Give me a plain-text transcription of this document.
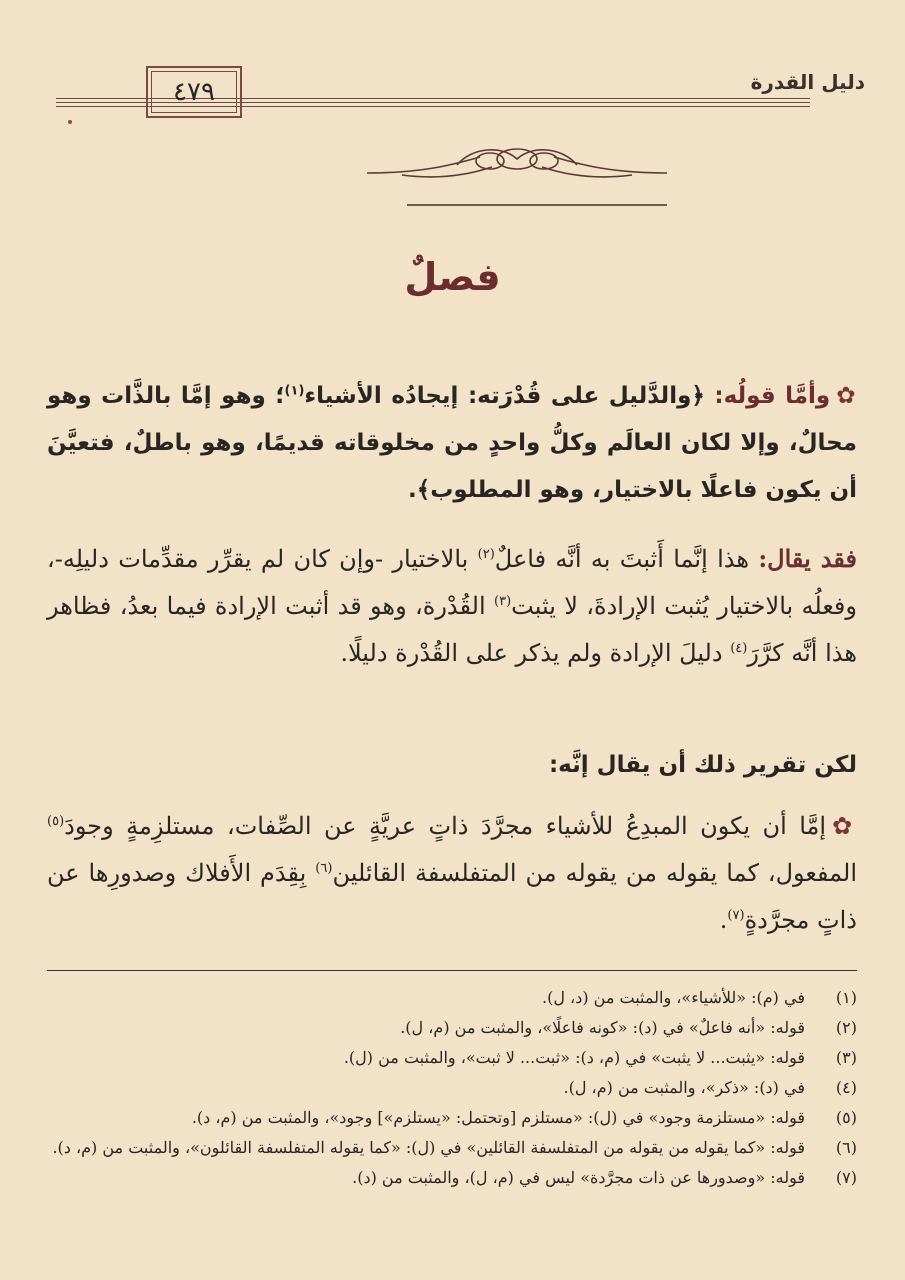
دليل القدرة
٤٧٩
فصلٌ
✿وأمَّا قولُه: ﴿والدَّليل على قُدْرَته: إيجادُه الأشياء$^{(١)}$؛ وهو إمَّا بالذَّات وهو محالٌ، وإلا لكان العالَم وكلُّ واحدٍ من مخلوقاته قديمًا، وهو باطلٌ، فتعيَّنَ أن يكون فاعلًا بالاختيار، وهو المطلوب﴾.
فقد يقال: هذا إنَّما أَثبتَ به أنَّه فاعلٌ$^{(٢)}$ بالاختيار -وإن كان لم يقرِّر مقدِّمات دليلِه-، وفعلُه بالاختيار يُثبت الإرادةَ، لا يثبت$^{(٣)}$ القُدْرة، وهو قد أثبت الإرادة فيما بعدُ، فظاهر هذا أنَّه كرَّرَ$^{(٤)}$ دليلَ الإرادة ولم يذكر على القُدْرة دليلًا.
لكن تقرير ذلك أن يقال إنَّه:
✿إمَّا أن يكون المبدِعُ للأشياء مجرَّدَ ذاتٍ عريَّةٍ عن الصِّفات، مستلزِمةٍ وجودَ$^{(٥)}$ المفعول، كما يقوله من يقوله من المتفلسفة القائلين$^{(٦)}$ بِقِدَم الأَفلاك وصدورِها عن ذاتٍ مجرَّدةٍ$^{(٧)}$.
(١)
في (م): «للأشياء»، والمثبت من (د، ل).
(٢)
قوله: «أنه فاعلٌ» في (د): «كونه فاعلًا»، والمثبت من (م، ل).
(٣)
قوله: «يثبت... لا يثبت» في (م، د): «ثبت... لا ثبت»، والمثبت من (ل).
(٤)
في (د): «ذكر»، والمثبت من (م، ل).
(٥)
قوله: «مستلزمة وجود» في (ل): «مستلزم [وتحتمل: «يستلزم»] وجود»، والمثبت من (م، د).
(٦)
قوله: «كما يقوله من يقوله من المتفلسفة القائلين» في (ل): «كما يقوله المتفلسفة القائلون»، والمثبت من (م، د).
(٧)
قوله: «وصدورها عن ذات مجرَّدة» ليس في (م، ل)، والمثبت من (د).
